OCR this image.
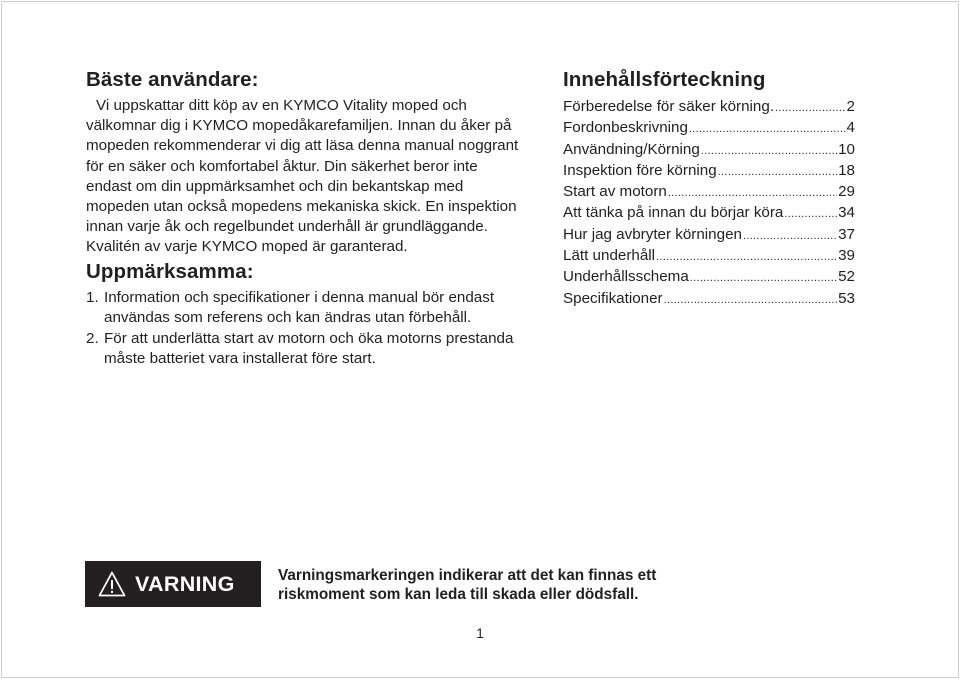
Bäste användare:

Vi uppskattar ditt köp av en KYMCO Vitality moped och välkomnar dig i KYMCO mopedåkarefamiljen. Innan du åker på mopeden rekommenderar vi dig att läsa denna manual noggrant för en säker och komfortabel åktur. Din säkerhet beror inte endast om din uppmärksamhet och din bekantskap med mopeden utan också mopedens mekaniska skick. En inspektion innan varje åk och regelbundet underhåll är grundläggande. Kvalitén av varje KYMCO moped är garanterad.

Uppmärksamma:
1. Information och specifikationer i denna manual bör endast användas som referens och kan ändras utan förbehåll.
2. För att underlätta start av motorn och öka motorns prestanda måste batteriet vara installerat före start.
Innehållsförteckning
Förberedelse för säker körning. .....	2
Fordonbeskrivning .....	4
Användning/Körning .....	10
Inspektion före körning .....	18
Start av motorn .....	29
Att tänka på innan du börjar köra .....	34
Hur jag avbryter körningen .....	37
Lätt underhåll .....	39
Underhållsschema .....	52
Specifikationer .....	53
VARNING	Varningsmarkeringen indikerar att det kan finnas ett
riskmoment som kan leda till skada eller dödsfall.
1
